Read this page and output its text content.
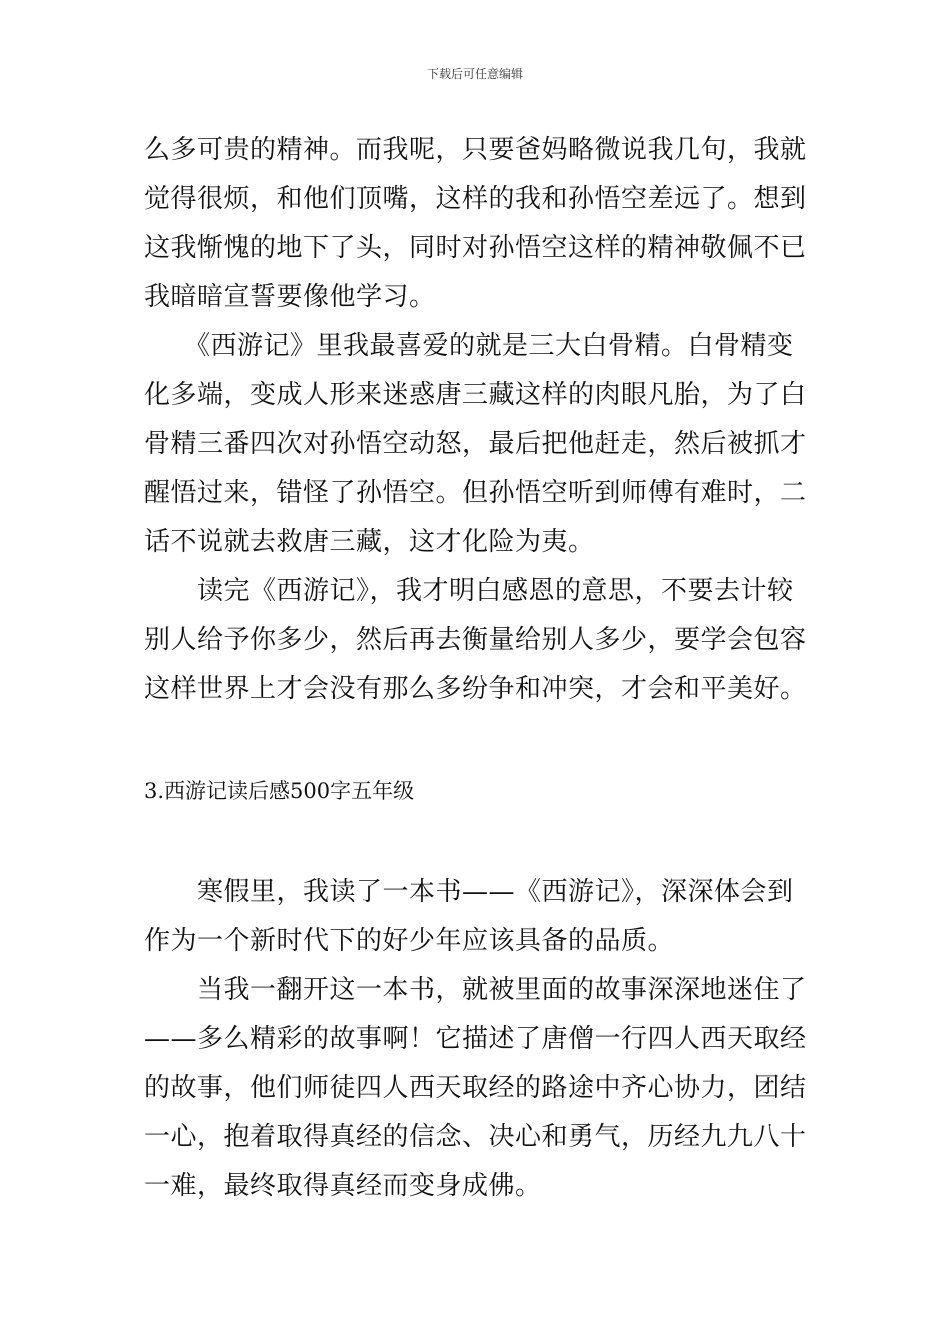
下载后可任意编辑
么多可贵的精神。而我呢，只要爸妈略微说我几句，我就
觉得很烦，和他们顶嘴，这样的我和孙悟空差远了。想到
这我惭愧的地下了头，同时对孙悟空这样的精神敬佩不已
我暗暗宣誓要像他学习。
　　《西游记》里我最喜爱的就是三大白骨精。白骨精变
化多端，变成人形来迷惑唐三藏这样的肉眼凡胎，为了白
骨精三番四次对孙悟空动怒，最后把他赶走，然后被抓才
醒悟过来，错怪了孙悟空。但孙悟空听到师傅有难时，二
话不说就去救唐三藏，这才化险为夷。
　　读完《西游记》，我才明白感恩的意思，不要去计较
别人给予你多少，然后再去衡量给别人多少，要学会包容
这样世界上才会没有那么多纷争和冲突，才会和平美好。
3.西游记读后感500字五年级
　　寒假里，我读了一本书——《西游记》，深深体会到
作为一个新时代下的好少年应该具备的品质。
　　当我一翻开这一本书，就被里面的故事深深地迷住了
——多么精彩的故事啊！它描述了唐僧一行四人西天取经
的故事，他们师徒四人西天取经的路途中齐心协力，团结
一心，抱着取得真经的信念、决心和勇气，历经九九八十
一难，最终取得真经而变身成佛。
